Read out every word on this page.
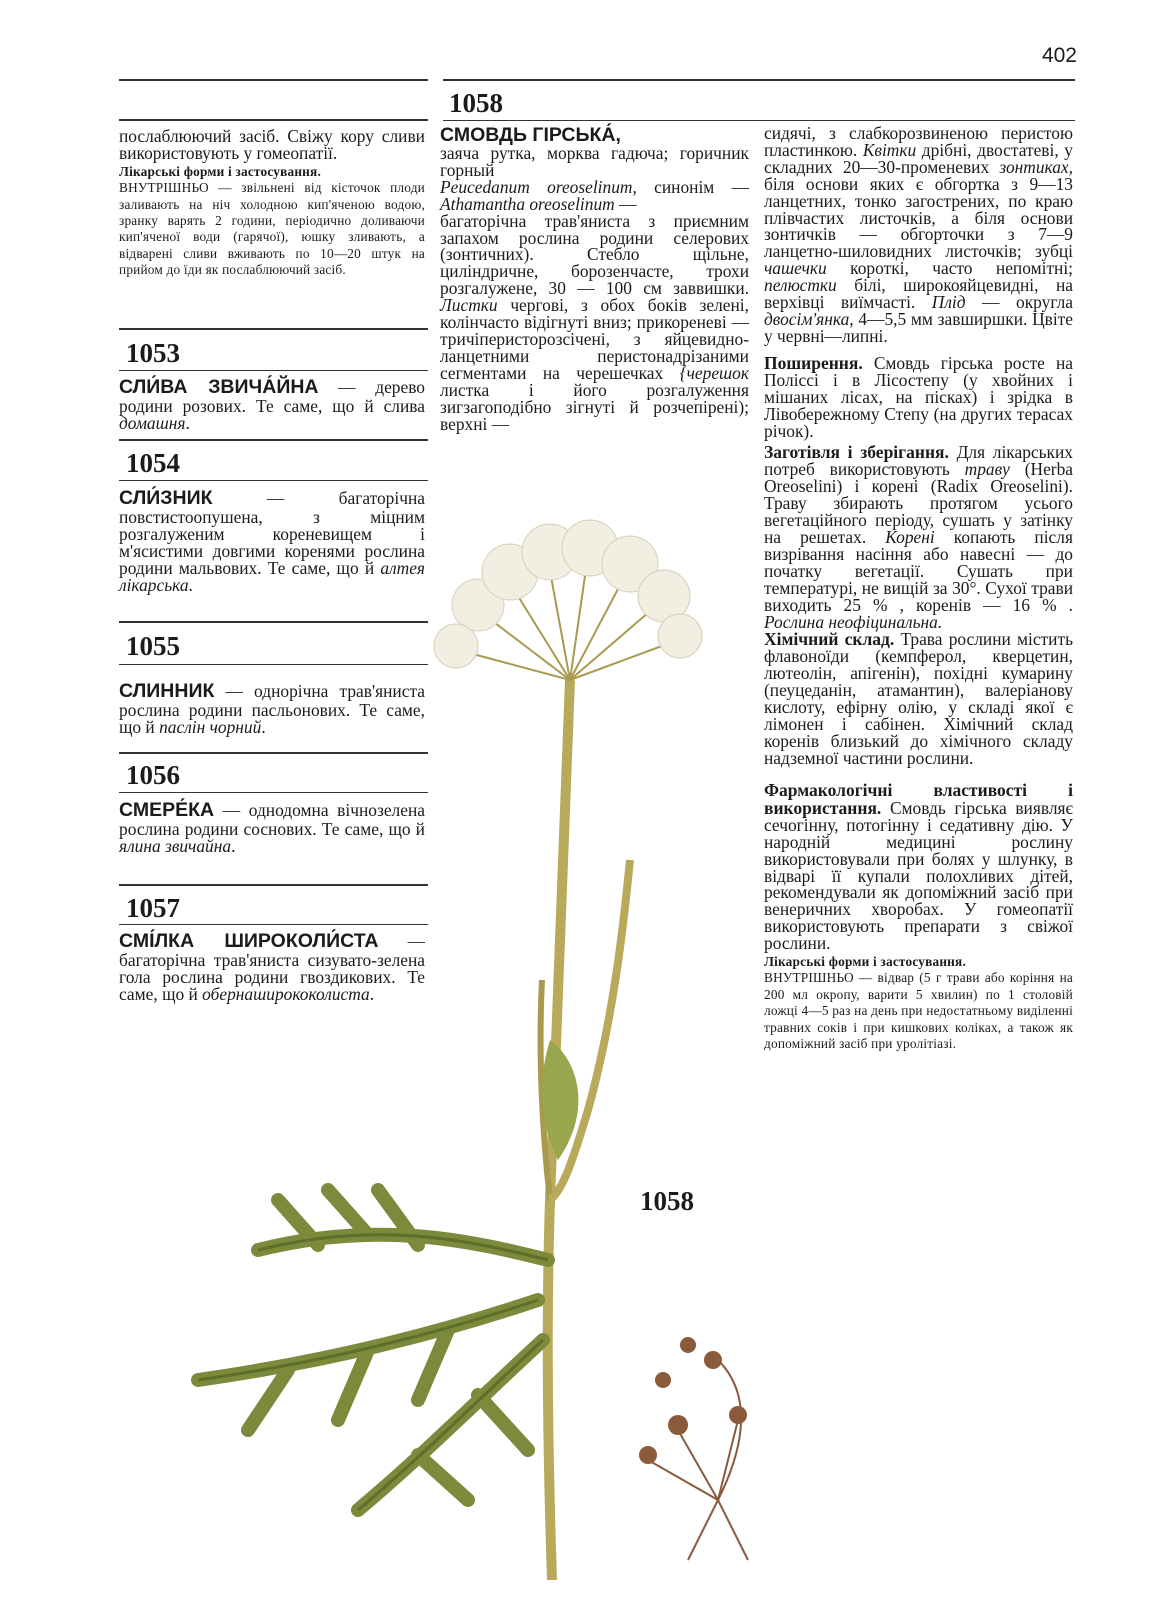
402

послаблюючий засіб. Свіжу кору сливи використовують у гомеопатії.

Лікарські форми і застосування.

ВНУТРІШНЬО — звільнені від кісточок плоди заливають на ніч холодною кип'яченою водою, зранку варять 2 години, періодично доливаючи кип'яченої води (гарячої), юшку зливають, а відварені сливи вживають по 10—20 штук на прийом до їди як послаблюючий засіб.

1053

СЛИ́ВА ЗВИЧА́ЙНА — дерево родини розових. Те саме, що й слива домашня.

1054

СЛИ́ЗНИК	— багаторічна повстистоопушена, з міцним розгалуженим кореневищем і м'ясистими довгими коренями рослина родини мальвових. Те саме, що й алтея лікарська.

1055

СЛИННИК — однорічна трав'яниста рослина родини пасльонових. Те саме, що й паслін чорний.

1056

СМЕРЕ́КА — однодомна вічнозелена рослина родини соснових. Те саме, що й ялина звичайна.

1057

СМІ́ЛКА ШИРОКОЛИ́СТА — багаторічна трав'яниста сизувато-зелена гола рослина родини гвоздикових. Те саме, що й обернаширококолиста.

1058

СМОВДЬ ГІРСЬКА́,

заяча рутка, морква гадюча; горичник горный

Peucedanum oreoselinum, синонім — Athamantha oreoselinum —

багаторічна трав'яниста з приємним запахом рослина родини селерових (зонтичних). Стебло щільне, циліндричне, борозенчасте, трохи розгалужене, 30 — 100 см заввишки. Листки чергові, з обох боків зелені, колінчасто відігнуті вниз; прикореневі — тричіперисторозсічені, з яйцевидно-ланцетними перистонадрізаними сегментами на черешечках {черешок листка і його розгалуження зигзагоподібно зігнуті й розчепірені); верхні —

сидячі, з слабкорозвиненою перистою пластинкою. Квітки дрібні, двостатеві, у складних 20—30-променевих зонтиках, біля основи яких є обгортка з 9—13 ланцетних, тонко загострених, по краю плівчастих листочків, а біля основи зонтичків — обгорточки з 7—9 ланцетно-шиловидних листочків; зубці чашечки короткі, часто непомітні; пелюстки білі, широкояйцевидні, на верхівці виїмчасті. Плід — округла двосім'янка, 4—5,5 мм завширшки. Цвіте у червні—липні.

Поширення. Смовдь гірська росте на Поліссі і в Лісостепу (у хвойних і мішаних лісах, на пісках) і зрідка в Лівобережному Степу (на других терасах річок).

Заготівля і зберігання. Для лікарських потреб використовують траву (Herba Oreoselini) і корені (Radix Oreoselini). Траву збирають протягом усього вегетаційного періоду, сушать у затінку на решетах. Корені копають після визрівання насіння або навесні — до початку вегетації. Сушать при температурі, не вищій за 30°. Сухої трави виходить 25 % , коренів — 16 % . Рослина неофіцинальна.

Хімічний склад. Трава рослини містить флавоноїди (кемпферол, кверцетин, лютеолін, апігенін), похідні кумарину (пеуцеданін, атамантин), валеріанову кислоту, ефірну олію, у складі якої є лімонен і сабінен. Хімічний склад коренів близький до хімічного складу надземної частини рослини.

Фармакологічні властивості і використання. Смовдь гірська виявляє сечогінну, потогінну і седативну дію. У народній медицині рослину використовували при болях у шлунку, в відварі її купали полохливих дітей, рекомендували як допоміжний засіб при венеричних хворобах. У гомеопатії використовують препарати з свіжої рослини.

Лікарські форми і застосування.

ВНУТРІШНЬО — відвар (5 г трави або коріння на 200 мл окропу, варити 5 хвилин) по 1 столовій ложці 4—5 раз на день при недостатньому виділенні травних соків і при кишкових коліках, а також як допоміжний засіб при уролітіазі.

1058
